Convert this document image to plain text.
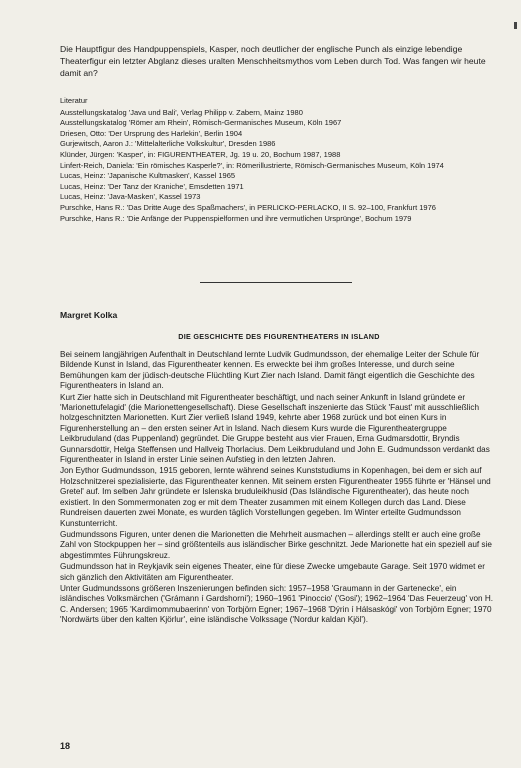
Die Hauptfigur des Handpuppenspiels, Kasper, noch deutlicher der englische Punch als einzige lebendige Theaterfigur ein letzter Abglanz dieses uralten Menschheitsmythos vom Leben durch Tod. Was fangen wir heute damit an?
Literatur
Ausstellungskatalog 'Java und Bali', Verlag Philipp v. Zabern, Mainz 1980
Ausstellungskatalog 'Römer am Rhein', Römisch-Germanisches Museum, Köln 1967
Driesen, Otto: 'Der Ursprung des Harlekin', Berlin 1904
Gurjewitsch, Aaron J.: 'Mittelalterliche Volkskultur', Dresden 1986
Klünder, Jürgen: 'Kasper', in: FIGURENTHEATER, Jg. 19 u. 20, Bochum 1987, 1988
Linfert-Reich, Daniela: 'Ein römisches Kasperle?', in: Römerillustrierte, Römisch-Germanisches Museum, Köln 1974
Lucas, Heinz: 'Japanische Kultmasken', Kassel 1965
Lucas, Heinz: 'Der Tanz der Kraniche', Emsdetten 1971
Lucas, Heinz: 'Java-Masken', Kassel 1973
Purschke, Hans R.: 'Das Dritte Auge des Spaßmachers', in PERLICKO-PERLACKO, II S. 92–100, Frankfurt 1976
Purschke, Hans R.: 'Die Anfänge der Puppenspielformen und ihre vermutlichen Ursprünge', Bochum 1979
Margret Kolka
DIE GESCHICHTE DES FIGURENTHEATERS IN ISLAND

Bei seinem langjährigen Aufenthalt in Deutschland lernte Ludvik Gudmundsson, der ehemalige Leiter der Schule für Bildende Kunst in Island, das Figurentheater kennen. Es erweckte bei ihm großes Interesse, und durch seine Bemühungen kam der jüdisch-deutsche Flüchtling Kurt Zier nach Island. Damit fängt eigentlich die Geschichte des Figurentheaters in Island an.

Kurt Zier hatte sich in Deutschland mit Figurentheater beschäftigt, und nach seiner Ankunft in Island gründete er 'Marionettufelagid' (die Marionettengesellschaft). Diese Gesellschaft inszenierte das Stück 'Faust' mit ausschließlich holzgeschnitzten Marionetten. Kurt Zier verließ Island 1949, kehrte aber 1968 zurück und bot einen Kurs in Figurenherstellung an – den ersten seiner Art in Island. Nach diesem Kurs wurde die Figurentheatergruppe Leikbruduland (das Puppenland) gegründet. Die Gruppe besteht aus vier Frauen, Erna Gudmarsdottir, Bryndis Gunnarsdottir, Helga Steffensen und Hallveig Thorlacius. Dem Leikbruduland und John E. Gudmundsson verdankt das Figurentheater in Island in erster Linie seinen Aufstieg in den letzten Jahren.

Jon Eythor Gudmundsson, 1915 geboren, lernte während seines Kunststudiums in Kopenhagen, bei dem er sich auf Holzschnitzerei spezialisierte, das Figurentheater kennen. Mit seinem ersten Figurentheater 1955 führte er 'Hänsel und Gretel' auf. Im selben Jahr gründete er Islenska bruduleikhusid (Das Isländische Figurentheater), das heute noch existiert. In den Sommermonaten zog er mit dem Theater zusammen mit einem Kollegen durch das Land. Diese Rundreisen dauerten zwei Monate, es wurden täglich Vorstellungen gegeben. Im Winter erteilte Gudmundsson Kunstunterricht.

Gudmundssons Figuren, unter denen die Marionetten die Mehrheit ausmachen – allerdings stellt er auch eine große Zahl von Stockpuppen her – sind größtenteils aus isländischer Birke geschnitzt. Jede Marionette hat ein speziell auf sie abgestimmtes Führungskreuz.

Gudmundsson hat in Reykjavik sein eigenes Theater, eine für diese Zwecke umgebaute Garage. Seit 1970 widmet er sich gänzlich den Aktivitäten am Figurentheater.

Unter Gudmundssons größeren Inszenierungen befinden sich: 1957–1958 'Graumann in der Gartenecke', ein isländisches Volksmärchen ('Grámann í Gardshorni'); 1960–1961 'Pinoccio' ('Gosi'); 1962–1964 'Das Feuerzeug' von H. C. Andersen; 1965 'Kardimommubaerinn' von Torbjörn Egner; 1967–1968 'Dýrin í Hálsaskógi' von Torbjörn Egner; 1970 'Nordwärts über den kalten Kjörlur', eine isländische Volkssage ('Nordur kaldan Kjöl').

18
